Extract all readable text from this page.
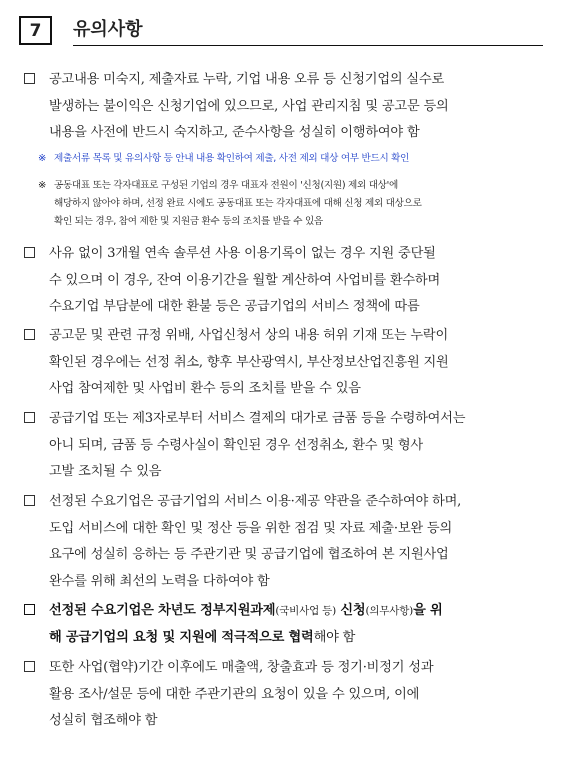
7	유의사항
공고내용 미숙지, 제출자료 누락, 기업 내용 오류 등 신청기업의 실수로
발생하는 불이익은 신청기업에 있으므로, 사업 관리지침 및 공고문 등의
내용을 사전에 반드시 숙지하고, 준수사항을 성실히 이행하여야 함
※ 제출서류 목록 및 유의사항 등 안내 내용 확인하여 제출, 사전 제외 대상 여부 반드시 확인
※ 공동대표 또는 각자대표로 구성된 기업의 경우 대표자 전원이 '신청(지원) 제외 대상'에
해당하지 않아야 하며, 선정 완료 시에도 공동대표 또는 각자대표에 대해 신청 제외 대상으로
확인 되는 경우, 참여 제한 및 지원금 환수 등의 조치를 받을 수 있음
사유 없이 3개월 연속 솔루션 사용 이용기록이 없는 경우 지원 중단될
수 있으며 이 경우, 잔여 이용기간을 월할 계산하여 사업비를 환수하며
수요기업 부담분에 대한 환불 등은 공급기업의 서비스 정책에 따름
공고문 및 관련 규정 위배, 사업신청서 상의 내용 허위 기재 또는 누락이
확인된 경우에는 선정 취소, 향후 부산광역시, 부산정보산업진흥원 지원
사업 참여제한 및 사업비 환수 등의 조치를 받을 수 있음
공급기업 또는 제3자로부터 서비스 결제의 대가로 금품 등을 수령하여서는
아니 되며, 금품 등 수령사실이 확인된 경우 선정취소, 환수 및 형사
고발 조치될 수 있음
선정된 수요기업은 공급기업의 서비스 이용·제공 약관을 준수하여야 하며,
도입 서비스에 대한 확인 및 정산 등을 위한 점검 및 자료 제출·보완 등의
요구에 성실히 응하는 등 주관기관 및 공급기업에 협조하여 본 지원사업
완수를 위해 최선의 노력을 다하여야 함
선정된 수요기업은 차년도 정부지원과제(국비사업 등) 신청(의무사항)을 위
해 공급기업의 요청 및 지원에 적극적으로 협력해야 함
또한 사업(협약)기간 이후에도 매출액, 창출효과 등 정기·비정기 성과
활용 조사/설문 등에 대한 주관기관의 요청이 있을 수 있으며, 이에
성실히 협조해야 함
